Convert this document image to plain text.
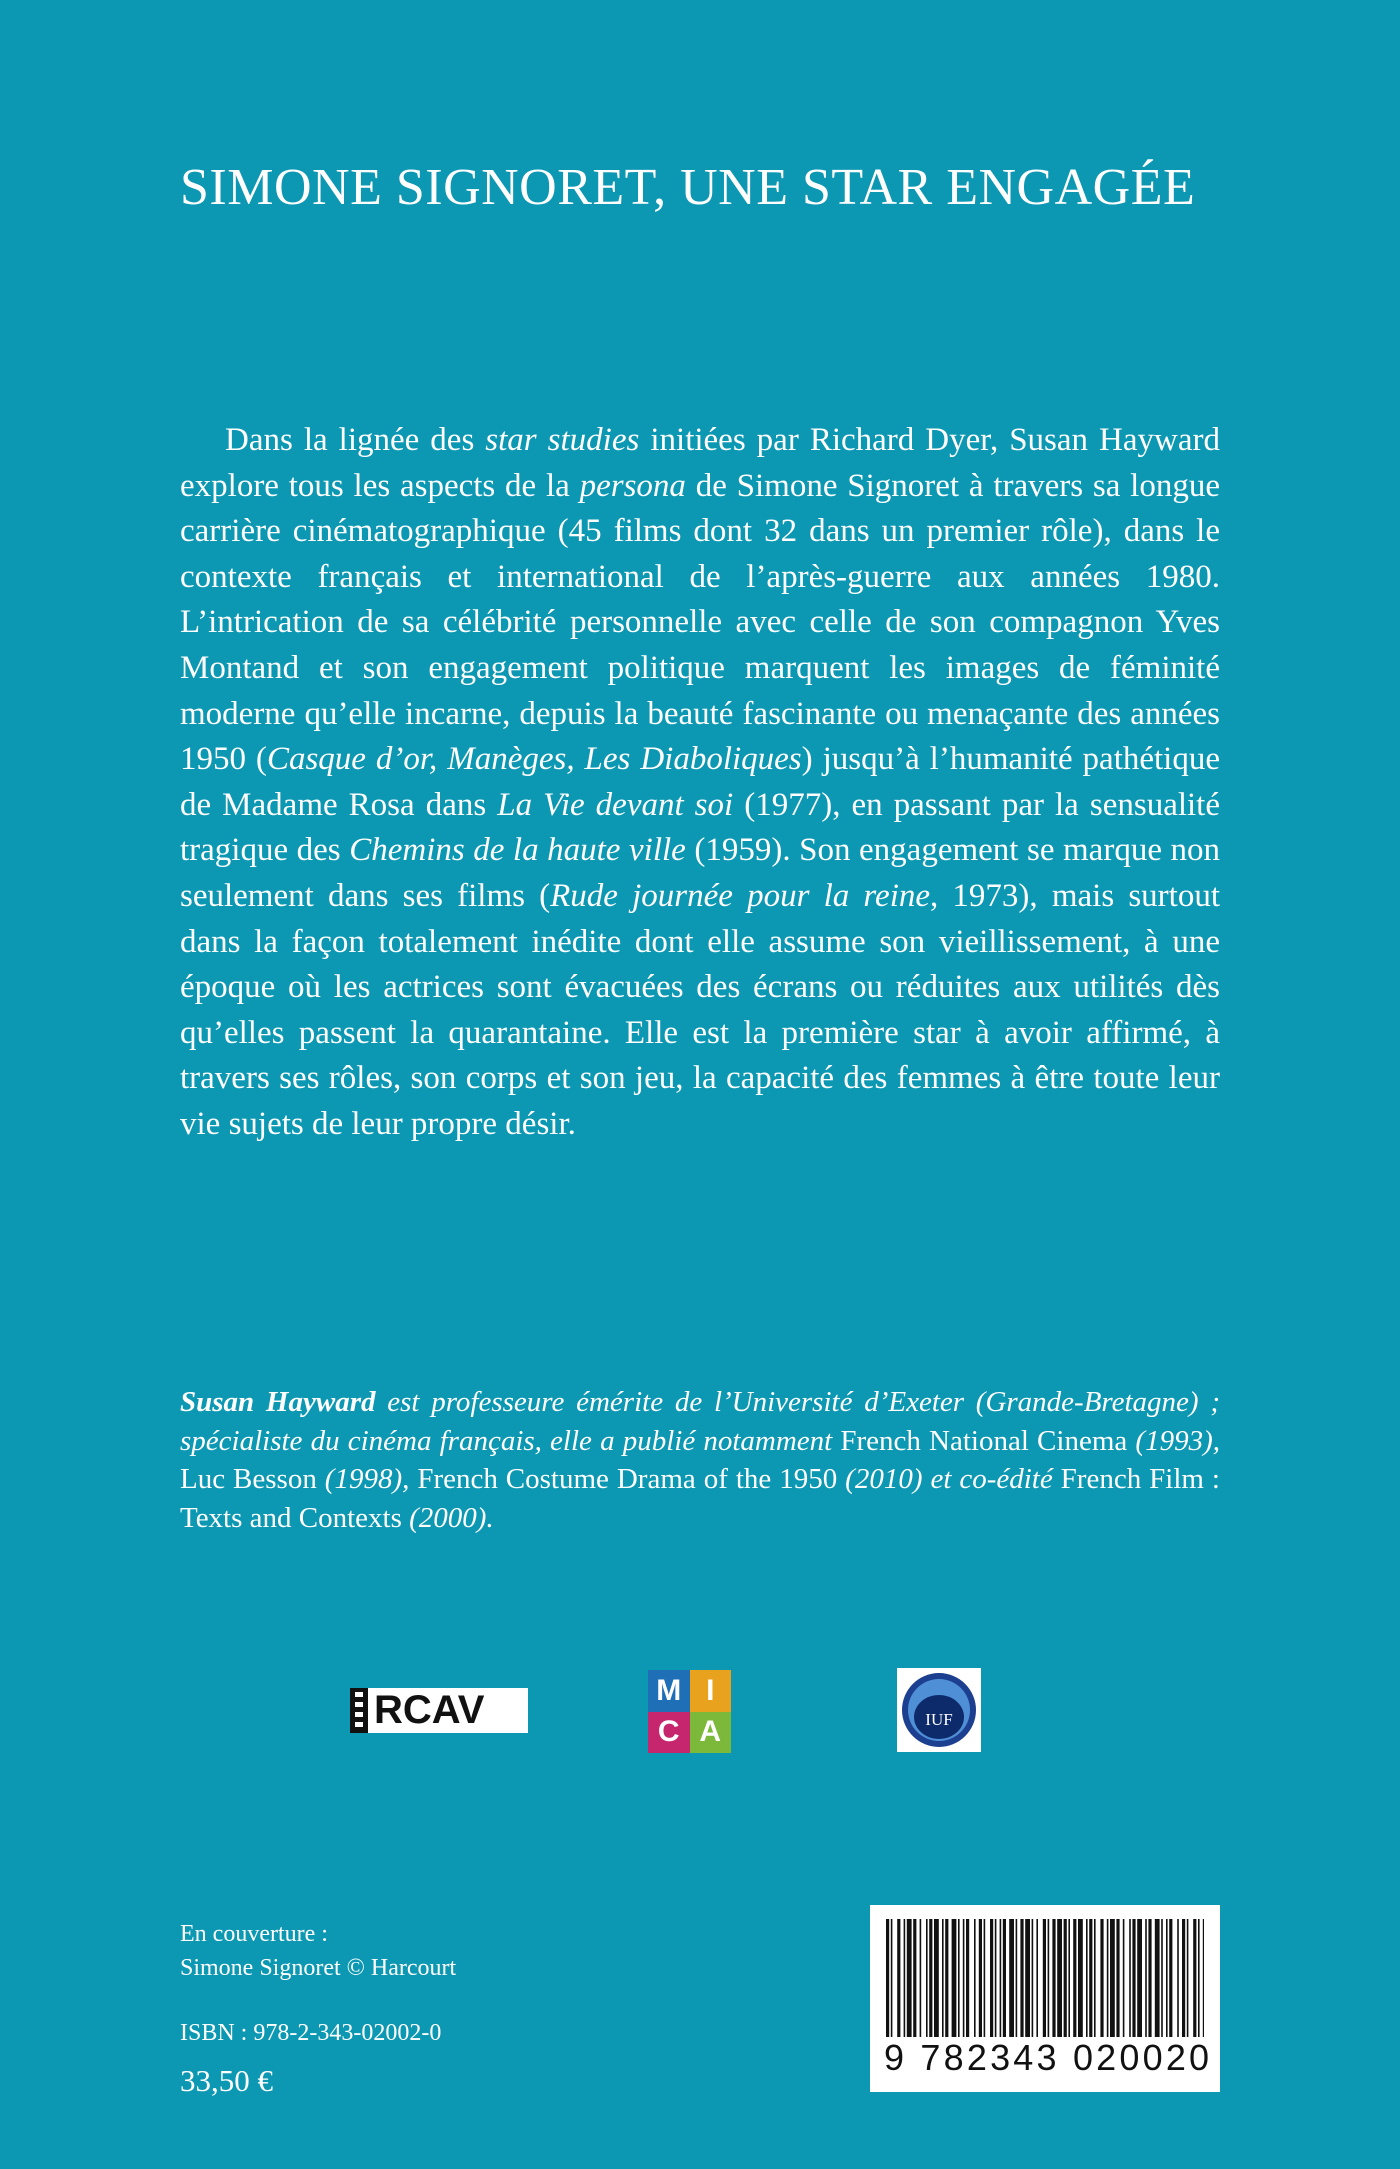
SIMONE SIGNORET, UNE STAR ENGAGÉE

Dans la lignée des star studies initiées par Richard Dyer, Susan Hayward explore tous les aspects de la persona de Simone Signoret à travers sa longue carrière cinématographique (45 films dont 32 dans un premier rôle), dans le contexte français et international de l’après-guerre aux années 1980. L’intrication de sa célébrité personnelle avec celle de son compagnon Yves Montand et son engagement politique marquent les images de féminité moderne qu’elle incarne, depuis la beauté fascinante ou menaçante des années 1950 (Casque d’or, Manèges, Les Diaboliques) jusqu’à l’humanité pathétique de Madame Rosa dans La Vie devant soi (1977), en passant par la sensualité tragique des Chemins de la haute ville (1959). Son engagement se marque non seulement dans ses films (Rude journée pour la reine, 1973), mais surtout dans la façon totalement inédite dont elle assume son vieillissement, à une époque où les actrices sont évacuées des écrans ou réduites aux utilités dès qu’elles passent la quarantaine. Elle est la première star à avoir affirmé, à travers ses rôles, son corps et son jeu, la capacité des femmes à être toute leur vie sujets de leur propre désir.

Susan Hayward est professeure émérite de l’Université d’Exeter (Grande-Bretagne) ; spécialiste du cinéma français, elle a publié notamment French National Cinema (1993), Luc Besson (1998), French Costume Drama of the 1950 (2010) et co-édité French Film : Texts and Contexts (2000).
RCAV	M I
C A	IUF
En couverture :
Simone Signoret © Harcourt
ISBN : 978-2-343-02002-0
33,50 €
9 782343 020020
